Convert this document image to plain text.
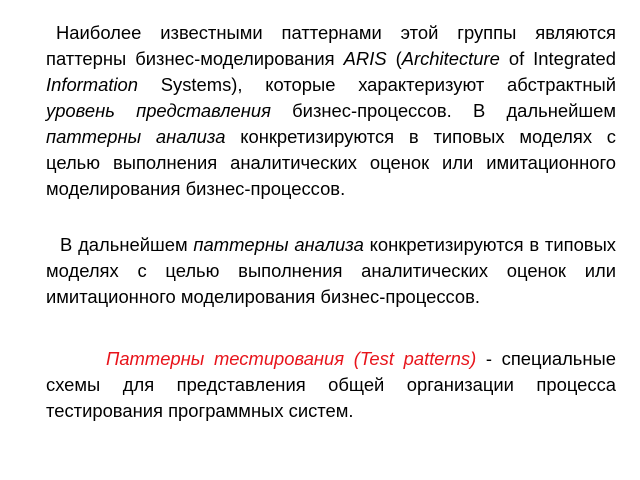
Наиболее известными паттернами этой группы являются паттерны бизнес-моделирования ARIS (Architecture of Integrated Information Systems), которые характеризуют абстрактный уровень представления бизнес-процессов. В дальнейшем паттерны анализа конкретизируются в типовых моделях с целью выполнения аналитических оценок или имитационного моделирования бизнес-процессов.

В дальнейшем паттерны анализа конкретизируются в типовых моделях с целью выполнения аналитических оценок или имитационного моделирования бизнес-процессов.

Паттерны тестирования (Test patterns) - специальные схемы для представления общей организации процесса тестирования программных систем.
